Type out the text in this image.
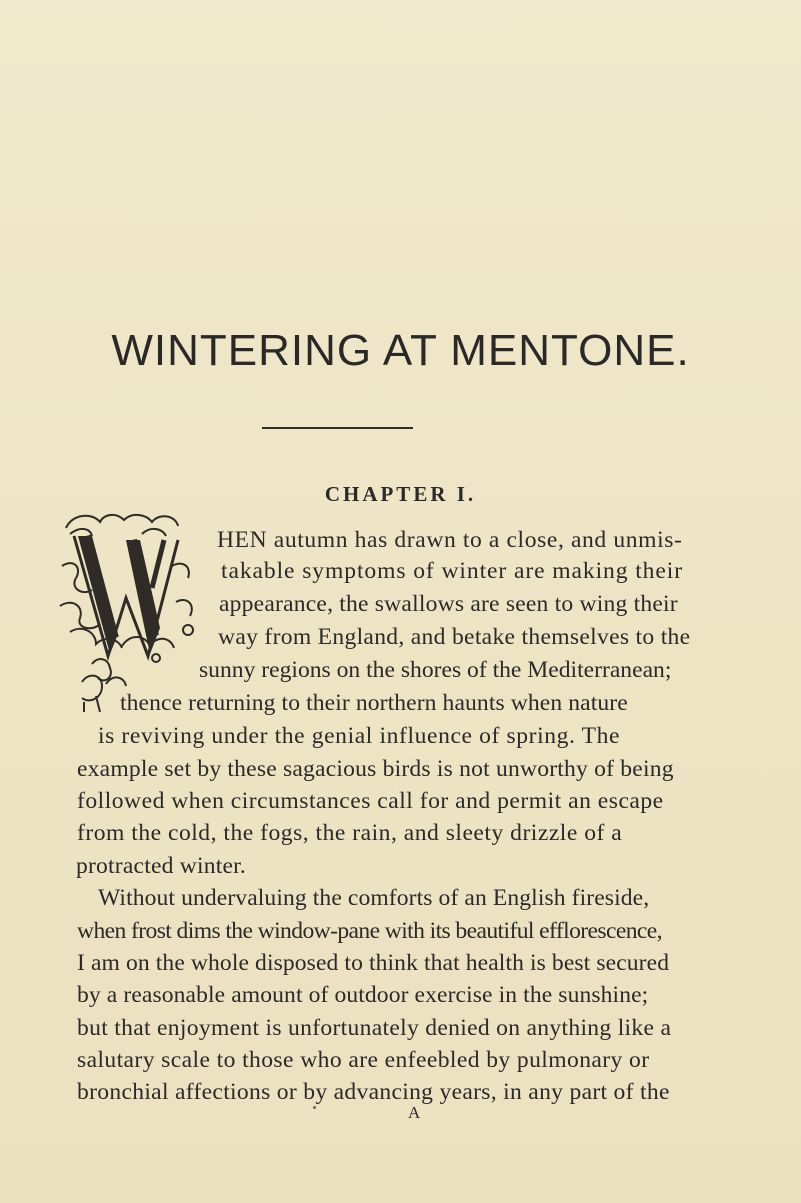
WINTERING AT MENTONE.
CHAPTER I.
HEN autumn has drawn to a close, and unmis-
takable symptoms of winter are making their
appearance, the swallows are seen to wing their
way from England, and betake themselves to the
sunny regions on the shores of the Mediterranean;
thence returning to their northern haunts when nature
is reviving under the genial influence of spring. The
example set by these sagacious birds is not unworthy of being
followed when circumstances call for and permit an escape
from the cold, the fogs, the rain, and sleety drizzle of a
protracted winter.
Without undervaluing the comforts of an English fireside,
when frost dims the window-pane with its beautiful efflorescence,
I am on the whole disposed to think that health is best secured
by a reasonable amount of outdoor exercise in the sunshine;
but that enjoyment is unfortunately denied on anything like a
salutary scale to those who are enfeebled by pulmonary or
bronchial affections or by advancing years, in any part of the
A
